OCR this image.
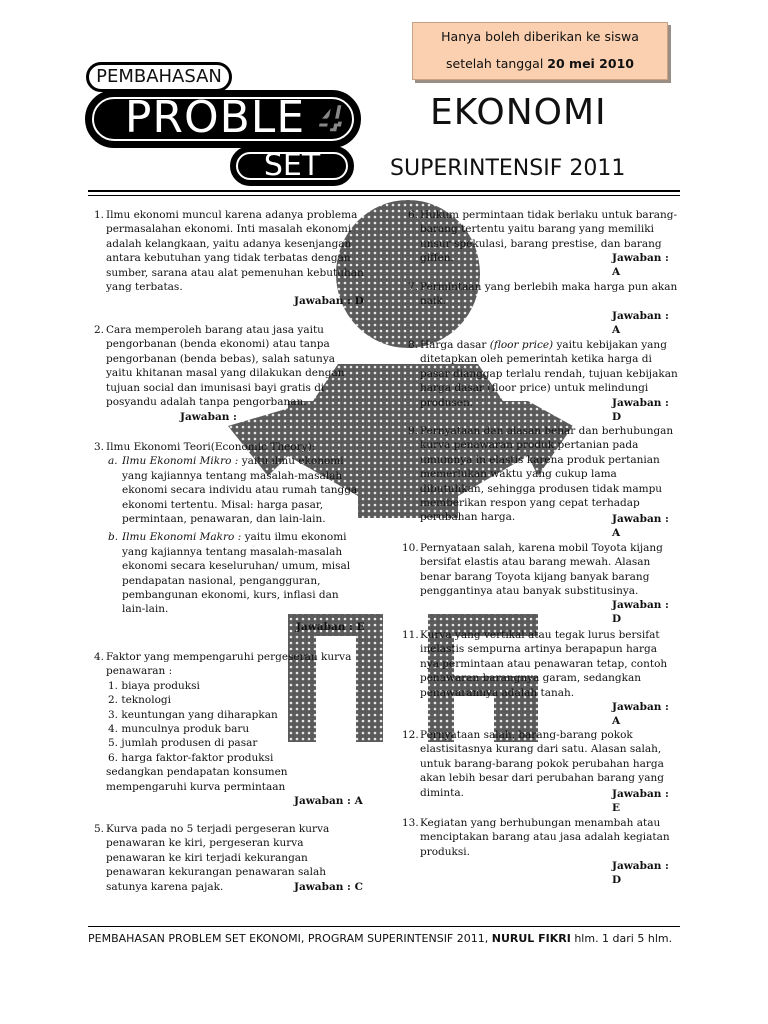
Hanya boleh diberikan ke siswa
setelah tanggal 20 mei 2010
PEMBAHASAN
PROBLE
SET
4 EKONOMI
SUPERINTENSIF 2011
1. Ilmu ekonomi muncul karena adanya problema permasalahan ekonomi. Inti masalah ekonomi adalah kelangkaan, yaitu adanya kesenjangan antara kebutuhan yang tidak terbatas dengan sumber, sarana atau alat pemenuhan kebutuhan yang terbatas.
Jawaban : D
2. Cara memperoleh barang atau jasa yaitu pengorbanan (benda ekonomi) atau tanpa pengorbanan (benda bebas), salah satunya yaitu khitanan masal yang dilakukan dengan tujuan social dan imunisasi bayi gratis di posyandu adalah tanpa pengorbanan.
Jawaban :
3. Ilmu Ekonomi Teori(Economic Theory):
a. Ilmu Ekonomi Mikro : yaitu ilmu ekonomi yang kajiannya tentang masalah-masalah ekonomi secara individu atau rumah tangga ekonomi tertentu. Misal: harga pasar, permintaan, penawaran, dan lain-lain.
b. Ilmu Ekonomi Makro : yaitu ilmu ekonomi yang kajiannya tentang masalah-masalah ekonomi secara keseluruhan/ umum, misal pendapatan nasional, pengangguran, pembangunan ekonomi, kurs, inflasi dan lain-lain.
Jawaban : E
4. Faktor yang mempengaruhi pergeseran kurva penawaran :
1. biaya produksi
2. teknologi
3. keuntungan yang diharapkan
4. munculnya produk baru
5. jumlah produsen di pasar
6. harga faktor-faktor produksi
sedangkan pendapatan konsumen mempengaruhi kurva permintaan
Jawaban : A
5. Kurva pada no 5 terjadi pergeseran kurva penawaran ke kiri, pergeseran kurva penawaran ke kiri terjadi kekurangan penawaran kekurangan penawaran salah satunya karena pajak.	Jawaban : C
6. Hukum permintaan tidak berlaku untuk barang-barang tertentu yaitu barang yang memiliki unsur spekulasi, barang prestise, dan barang giffen.	Jawaban : A
7. Permintaan yang berlebih maka harga pun akan naik.
Jawaban : A
8. Harga dasar (floor price) yaitu kebijakan yang ditetapkan oleh pemerintah ketika harga di pasar dianggap terlalu rendah, tujuan kebijakan harga dasar (floor price) untuk melindungi produsen.	Jawaban : D
9. Pernyataan dan alasan benar dan berhubungan kurva penawaran produk pertanian pada umumnya in elastis karena produk pertanian memerlukan waktu yang cukup lama dibutuhkan, sehingga produsen tidak mampu memberikan respon yang cepat terhadap perubahan harga.	Jawaban : A
10. Pernyataan salah, karena mobil Toyota kijang bersifat elastis atau barang mewah. Alasan benar barang Toyota kijang banyak barang penggantinya atau banyak substitusinya.
Jawaban : D
11. Kurva yang vertikal atau tegak lurus bersifat inelastis sempurna artinya berapapun harga nya permintaan atau penawaran tetap, contoh penawaran barangnya garam, sedangkan penawarannya adalah tanah.
Jawaban : A
12. Pernyataan salah, barang-barang pokok elastisitasnya kurang dari satu. Alasan salah, untuk barang-barang pokok perubahan harga akan lebih besar dari perubahan barang yang diminta.	Jawaban : E
13. Kegiatan yang berhubungan menambah atau menciptakan barang atau jasa adalah kegiatan produksi.
Jawaban : D
PEMBAHASAN PROBLEM SET EKONOMI, PROGRAM SUPERINTENSIF 2011, NURUL FIKRI hlm. 1 dari 5 hlm.
